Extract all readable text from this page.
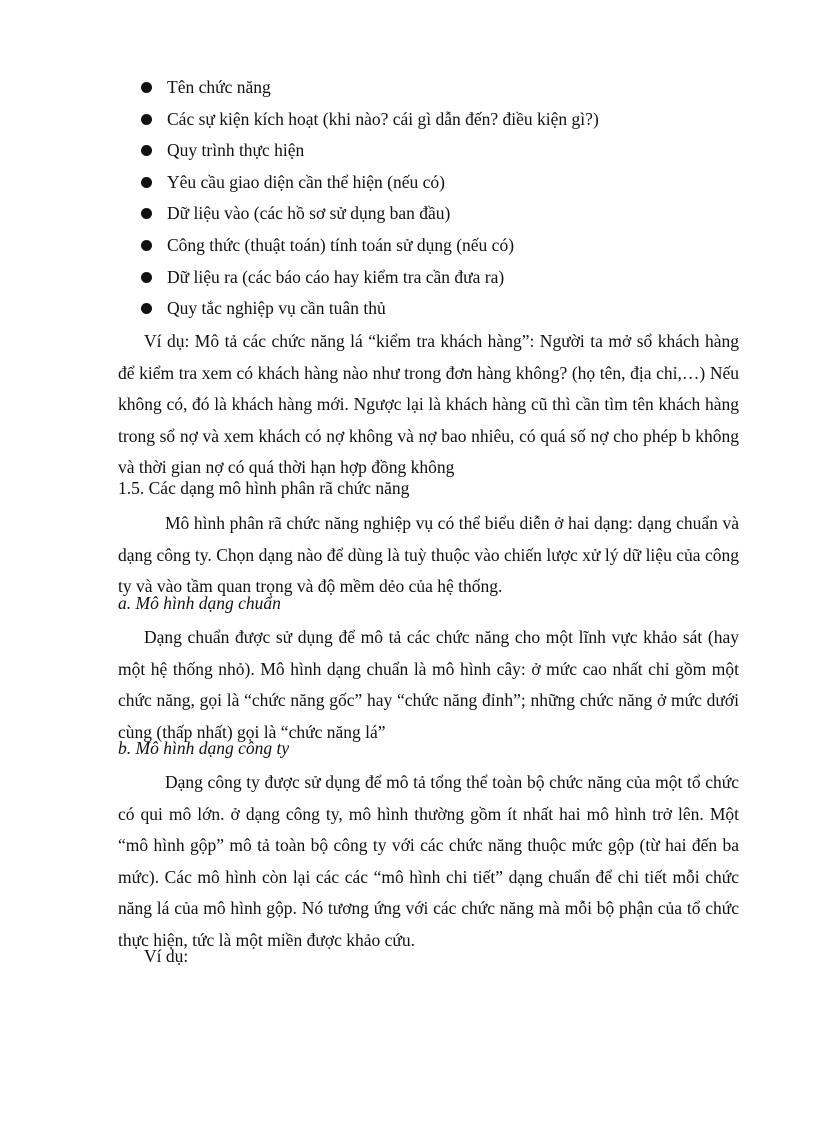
Tên chức năng
Các sự kiện kích hoạt (khi nào? cái gì dẫn đến? điều kiện gì?)
Quy trình thực hiện
Yêu cầu giao diện cần thể hiện (nếu có)
Dữ liệu vào (các hồ sơ sử dụng ban đầu)
Công thức (thuật toán) tính toán sử dụng (nếu có)
Dữ liệu ra (các báo cáo hay kiểm tra cần đưa ra)
Quy tắc nghiệp vụ cần tuân thủ

Ví dụ: Mô tả các chức năng lá “kiểm tra khách hàng”: Người ta mở sổ khách hàng để kiểm tra xem có khách hàng nào như trong đơn hàng không? (họ tên, địa chỉ,…) Nếu không có, đó là khách hàng mới. Ngược lại là khách hàng cũ thì cần tìm tên khách hàng trong sổ nợ và xem khách có nợ không và nợ bao nhiêu, có quá số nợ cho phép b không và thời gian nợ có quá thời hạn hợp đồng không

1.5. Các dạng mô hình phân rã chức năng

Mô hình phân rã chức năng nghiệp vụ có thể biểu diễn ở hai dạng: dạng chuẩn và dạng công ty. Chọn dạng nào để dùng là tuỳ thuộc vào chiến lược xử lý dữ liệu của công ty và vào tầm quan trọng và độ mềm dẻo của hệ thống.

a. Mô hình dạng chuẩn

Dạng chuẩn được sử dụng để mô tả các chức năng cho một lĩnh vực khảo sát (hay một hệ thống nhỏ). Mô hình dạng chuẩn là mô hình cây: ở mức cao nhất chỉ gồm một chức năng, gọi là “chức năng gốc” hay “chức năng đỉnh”; những chức năng ở mức dưới cùng (thấp nhất) gọi là “chức năng lá”

b. Mô hình dạng công ty

Dạng công ty được sử dụng để mô tả tổng thể toàn bộ chức năng của một tổ chức có qui mô lớn. ở dạng công ty, mô hình thường gồm ít nhất hai mô hình trở lên. Một “mô hình gộp” mô tả toàn bộ công ty với các chức năng thuộc mức gộp (từ hai đến ba mức). Các mô hình còn lại các các “mô hình chi tiết” dạng chuẩn để chi tiết mỗi chức năng lá của mô hình gộp. Nó tương ứng với các chức năng mà mỗi bộ phận của tổ chức thực hiện, tức là một miền được khảo cứu.

Ví dụ:
